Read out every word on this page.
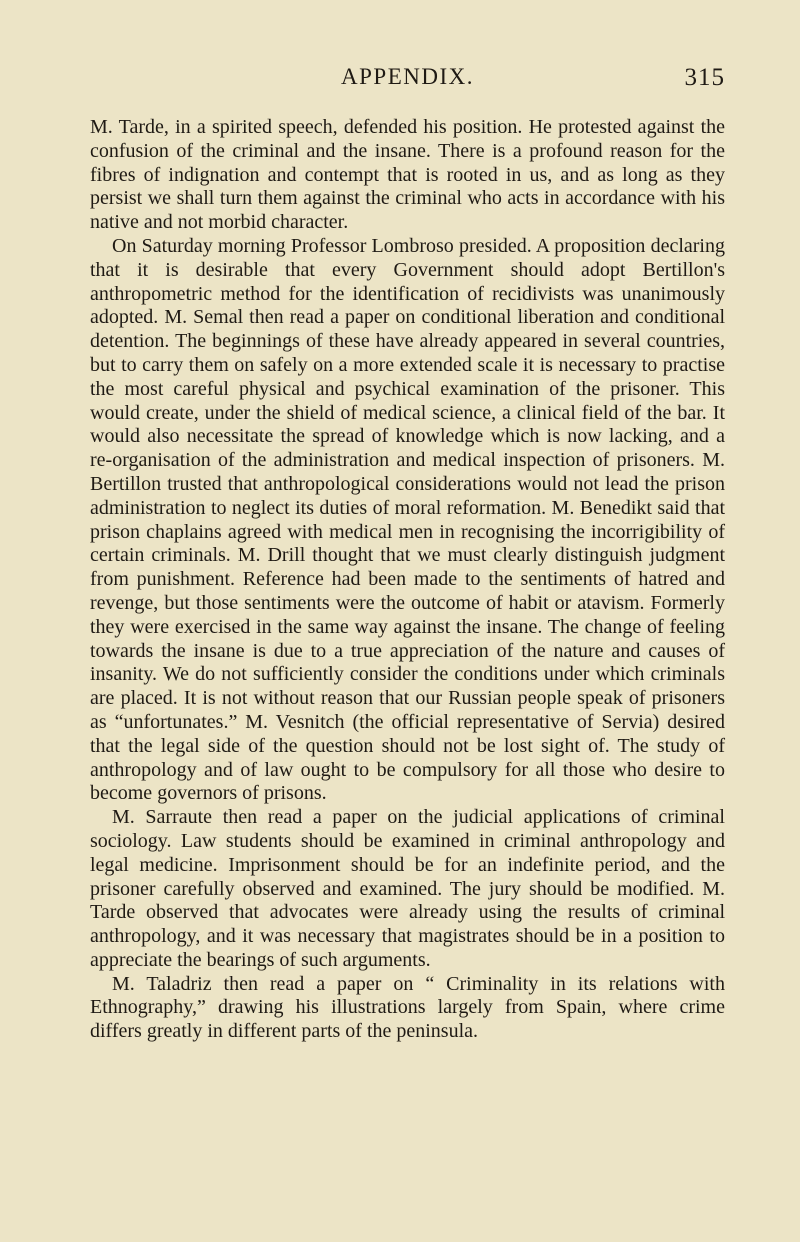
APPENDIX.	315

M. Tarde, in a spirited speech, defended his position. He protested against the confusion of the criminal and the insane. There is a profound reason for the fibres of indignation and contempt that is rooted in us, and as long as they persist we shall turn them against the criminal who acts in accordance with his native and not morbid character.

On Saturday morning Professor Lombroso presided. A proposition declaring that it is desirable that every Government should adopt Bertillon's anthropometric method for the identification of recidivists was unanimously adopted. M. Semal then read a paper on conditional liberation and conditional detention. The beginnings of these have already appeared in several countries, but to carry them on safely on a more extended scale it is necessary to practise the most careful physical and psychical examination of the prisoner. This would create, under the shield of medical science, a clinical field of the bar. It would also necessitate the spread of knowledge which is now lacking, and a re-organisation of the administration and medical inspection of prisoners. M. Bertillon trusted that anthropological considerations would not lead the prison administration to neglect its duties of moral reformation. M. Benedikt said that prison chaplains agreed with medical men in recognising the incorrigibility of certain criminals. M. Drill thought that we must clearly distinguish judgment from punishment. Reference had been made to the sentiments of hatred and revenge, but those sentiments were the outcome of habit or atavism. Formerly they were exercised in the same way against the insane. The change of feeling towards the insane is due to a true appreciation of the nature and causes of insanity. We do not sufficiently consider the conditions under which criminals are placed. It is not without reason that our Russian people speak of prisoners as “unfortunates.” M. Vesnitch (the official representative of Servia) desired that the legal side of the question should not be lost sight of. The study of anthropology and of law ought to be compulsory for all those who desire to become governors of prisons.

M. Sarraute then read a paper on the judicial applications of criminal sociology. Law students should be examined in criminal anthropology and legal medicine. Imprisonment should be for an indefinite period, and the prisoner carefully observed and examined. The jury should be modified. M. Tarde observed that advocates were already using the results of criminal anthropology, and it was necessary that magistrates should be in a position to appreciate the bearings of such arguments.

M. Taladriz then read a paper on “ Criminality in its relations with Ethnography,” drawing his illustrations largely from Spain, where crime differs greatly in different parts of the peninsula.
